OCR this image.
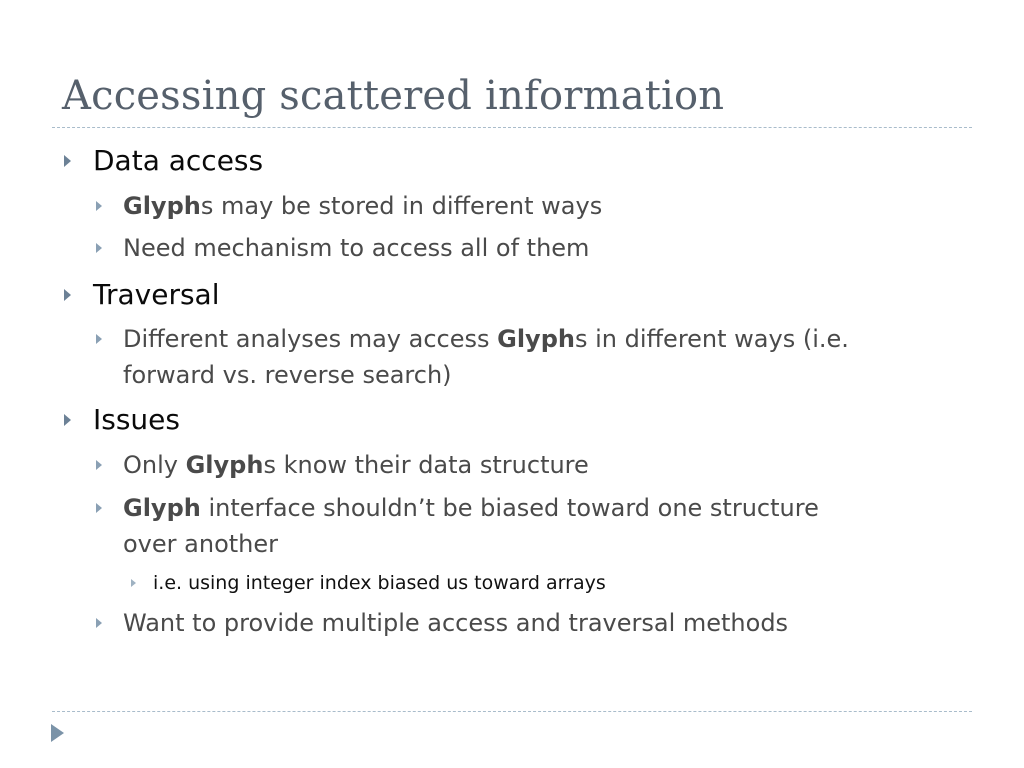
Accessing scattered information

Data access

Glyphs may be stored in different ways

Need mechanism to access all of them

Traversal

Different analyses may access Glyphs in different ways (i.e.

forward vs. reverse search)

Issues

Only Glyphs know their data structure

Glyph interface shouldn’t be biased toward one structure

over another

i.e. using integer index biased us toward arrays

Want to provide multiple access and traversal methods
